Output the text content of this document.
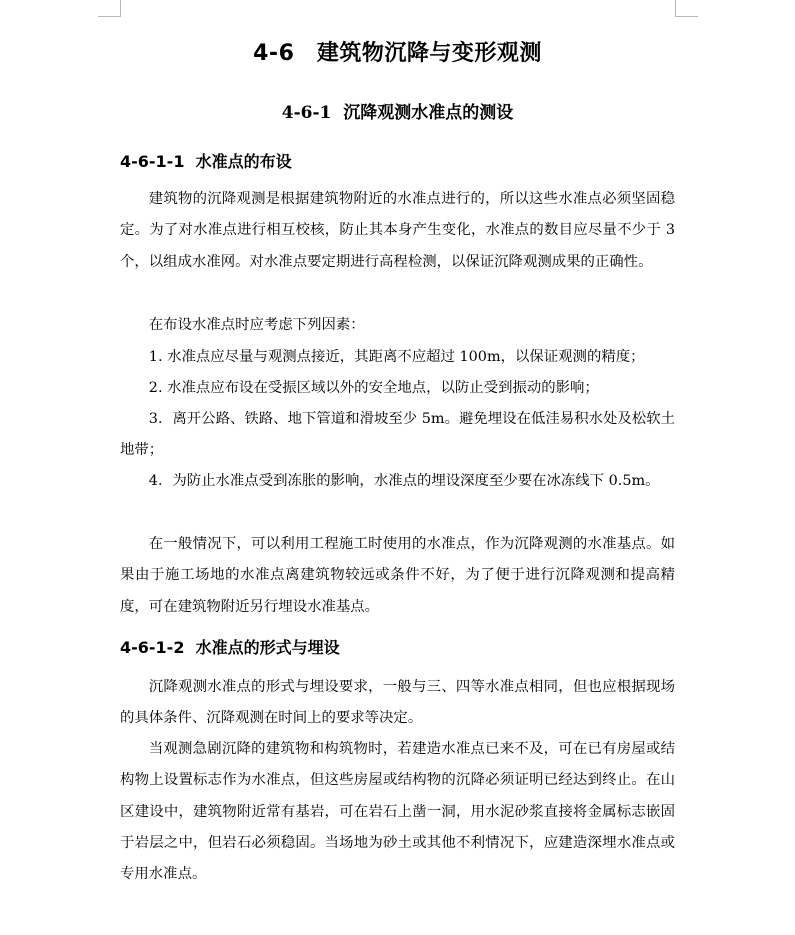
4-6　建筑物沉降与变形观测
4-6-1  沉降观测水准点的测设
4-6-1-1  水准点的布设

建筑物的沉降观测是根据建筑物附近的水准点进行的，所以这些水准点必须坚固稳定。为了对水准点进行相互校核，防止其本身产生变化，水准点的数目应尽量不少于 3 个，以组成水准网。对水准点要定期进行高程检测，以保证沉降观测成果的正确性。

在布设水准点时应考虑下列因素：

1. 水准点应尽量与观测点接近，其距离不应超过 100m，以保证观测的精度；

2. 水准点应布设在受振区域以外的安全地点，以防止受到振动的影响；

3．离开公路、铁路、地下管道和滑坡至少 5m。避免埋设在低洼易积水处及松软土地带；

4．为防止水准点受到冻胀的影响，水准点的埋设深度至少要在冰冻线下 0.5m。

在一般情况下，可以利用工程施工时使用的水准点，作为沉降观测的水准基点。如果由于施工场地的水准点离建筑物较远或条件不好，为了便于进行沉降观测和提高精度，可在建筑物附近另行埋设水准基点。

4-6-1-2  水准点的形式与埋设

沉降观测水准点的形式与埋设要求，一般与三、四等水准点相同，但也应根据现场的具体条件、沉降观测在时间上的要求等决定。

当观测急剧沉降的建筑物和构筑物时，若建造水准点已来不及，可在已有房屋或结构物上设置标志作为水准点，但这些房屋或结构物的沉降必须证明已经达到终止。在山区建设中，建筑物附近常有基岩，可在岩石上凿一洞，用水泥砂浆直接将金属标志嵌固于岩层之中，但岩石必须稳固。当场地为砂土或其他不利情况下，应建造深埋水准点或专用水准点。
